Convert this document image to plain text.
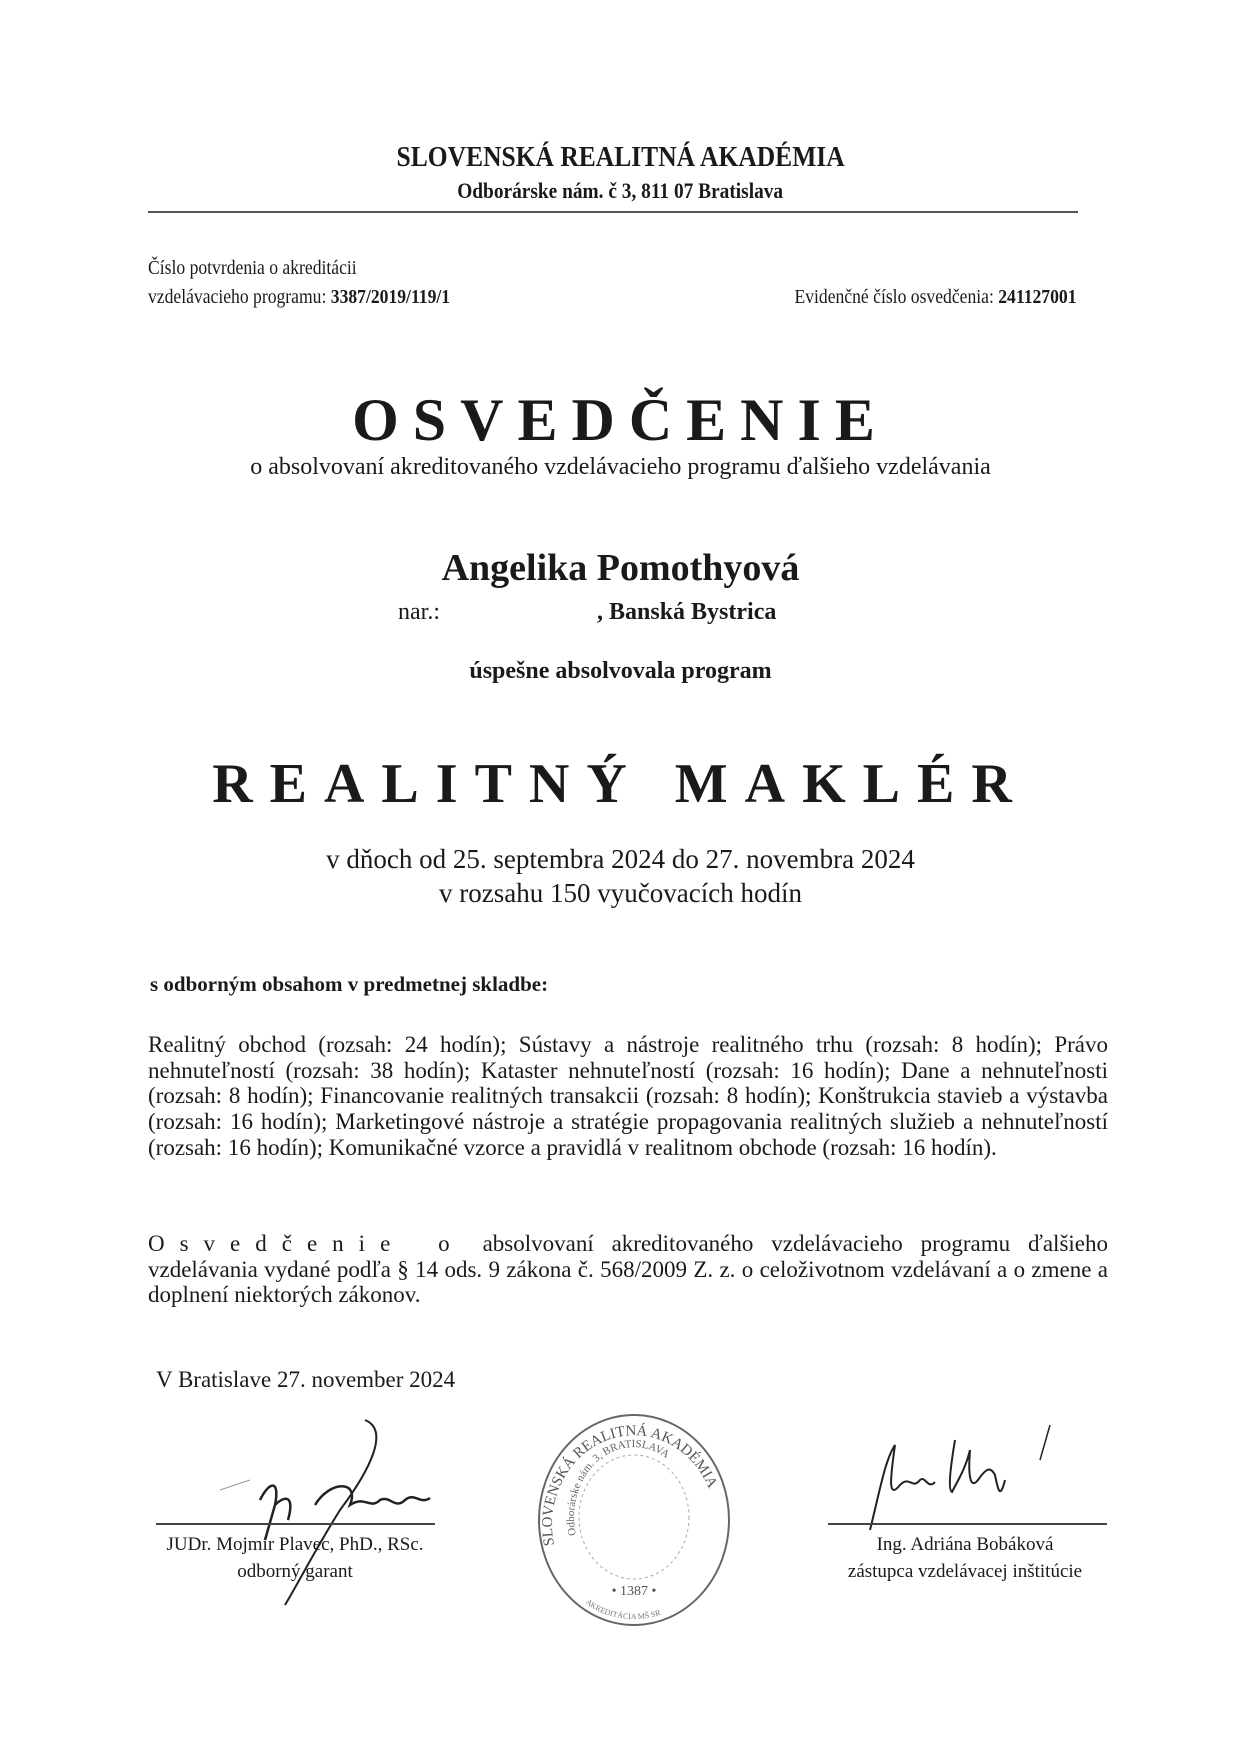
SLOVENSKÁ REALITNÁ AKADÉMIA
Odborárske nám. č 3, 811 07 Bratislava
Číslo potvrdenia o akreditácii
vzdelávacieho programu: 3387/2019/119/1	Evidenčné číslo osvedčenia: 241127001
OSVEDČENIE
o absolvovaní akreditovaného vzdelávacieho programu ďalšieho vzdelávania
Angelika Pomothyová
nar.:	, Banská Bystrica
úspešne absolvovala program
REALITNÝ MAKLÉR
v dňoch od 25. septembra 2024 do 27. novembra 2024
v rozsahu 150 vyučovacích hodín
s odborným obsahom v predmetnej skladbe:
Realitný obchod (rozsah: 24 hodín); Sústavy a nástroje realitného trhu (rozsah: 8 hodín); Právo nehnuteľností (rozsah: 38 hodín); Kataster nehnuteľností (rozsah: 16 hodín); Dane a nehnuteľnosti (rozsah: 8 hodín); Financovanie realitných transakcii (rozsah: 8 hodín); Konštrukcia stavieb a výstavba (rozsah: 16 hodín); Marketingové nástroje a stratégie propagovania realitných služieb a nehnuteľností (rozsah: 16 hodín); Komunikačné vzorce a pravidlá v realitnom obchode (rozsah: 16 hodín).
Osvedčenie o absolvovaní akreditovaného vzdelávacieho programu ďalšieho vzdelávania vydané podľa § 14 ods. 9 zákona č. 568/2009 Z. z. o celoživotnom vzdelávaní a o zmene a doplnení niektorých zákonov.
V Bratislave 27. november 2024
JUDr. Mojmír Plavec, PhD., RSc.
odborný garant
SLOVENSKÁ REALITNÁ AKADÉMIA
Odborárske nám. 3, BRATISLAVA
• 1387 •
AKREDITÁCIA MŠ SR
Ing. Adriána Bobáková
zástupca vzdelávacej inštitúcie
